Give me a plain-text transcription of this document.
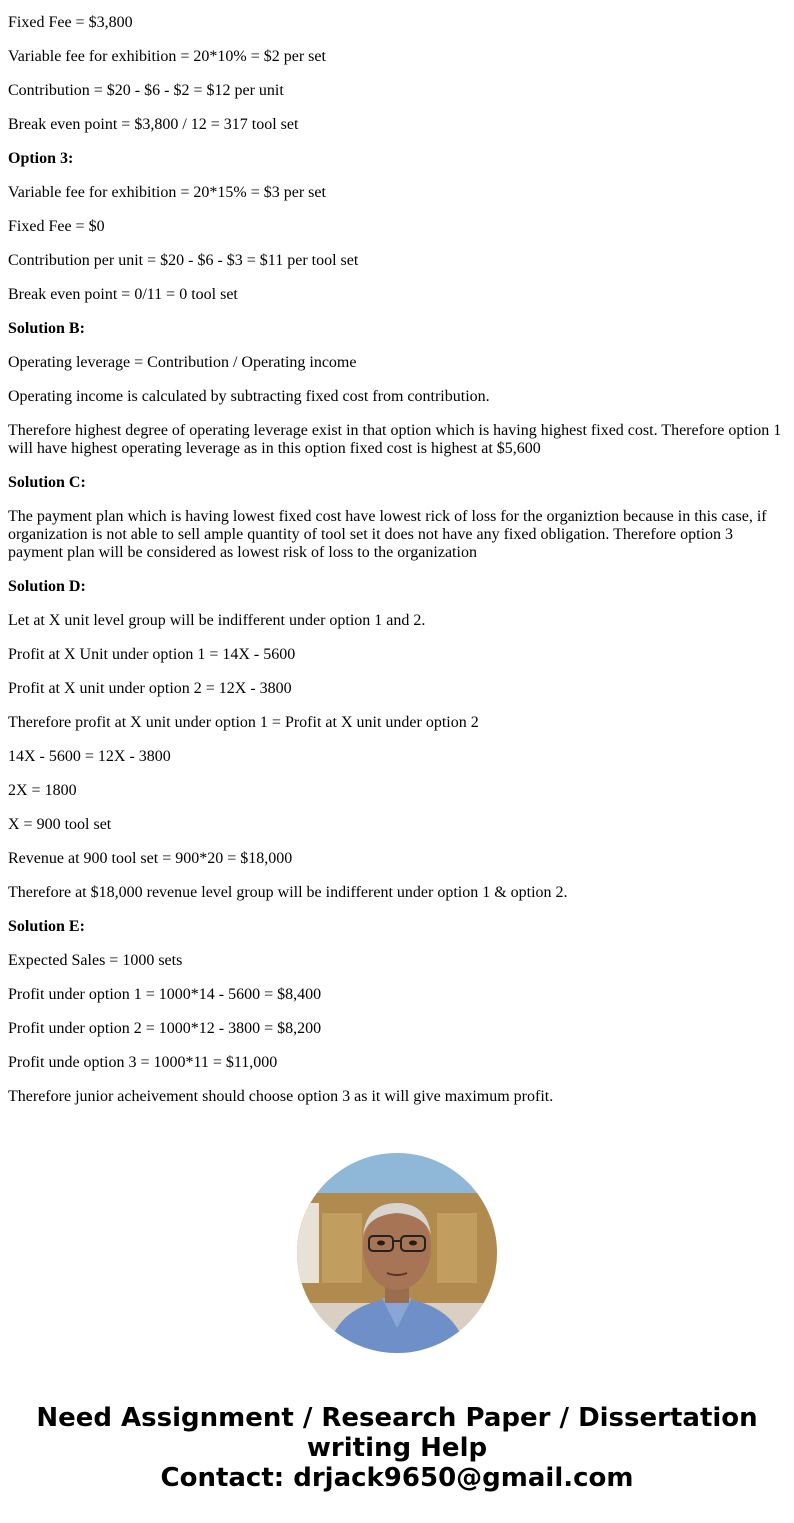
Fixed Fee = $3,800

Variable fee for exhibition = 20*10% = $2 per set

Contribution = $20 - $6 - $2 = $12 per unit

Break even point = $3,800 / 12 = 317 tool set

Option 3:

Variable fee for exhibition = 20*15% = $3 per set

Fixed Fee = $0

Contribution per unit = $20 - $6 - $3 = $11 per tool set

Break even point = 0/11 = 0 tool set

Solution B:

Operating leverage = Contribution / Operating income

Operating income is calculated by subtracting fixed cost from contribution.

Therefore highest degree of operating leverage exist in that option which is having highest fixed cost. Therefore option 1 will have highest operating leverage as in this option fixed cost is highest at $5,600

Solution C:

The payment plan which is having lowest fixed cost have lowest rick of loss for the organiztion because in this case, if organization is not able to sell ample quantity of tool set it does not have any fixed obligation. Therefore option 3 payment plan will be considered as lowest risk of loss to the organization

Solution D:

Let at X unit level group will be indifferent under option 1 and 2.

Profit at X Unit under option 1 = 14X - 5600

Profit at X unit under option 2 = 12X - 3800

Therefore profit at X unit under option 1 = Profit at X unit under option 2

14X - 5600 = 12X - 3800

2X = 1800

X = 900 tool set

Revenue at 900 tool set = 900*20 = $18,000

Therefore at $18,000 revenue level group will be indifferent under option 1 & option 2.

Solution E:

Expected Sales = 1000 sets

Profit under option 1 = 1000*14 - 5600 = $8,400

Profit under option 2 = 1000*12 - 3800 = $8,200

Profit unde option 3 = 1000*11 = $11,000

Therefore junior acheivement should choose option 3 as it will give maximum profit.

Need Assignment / Research Paper / Dissertation
writing Help
Contact: drjack9650@gmail.com
